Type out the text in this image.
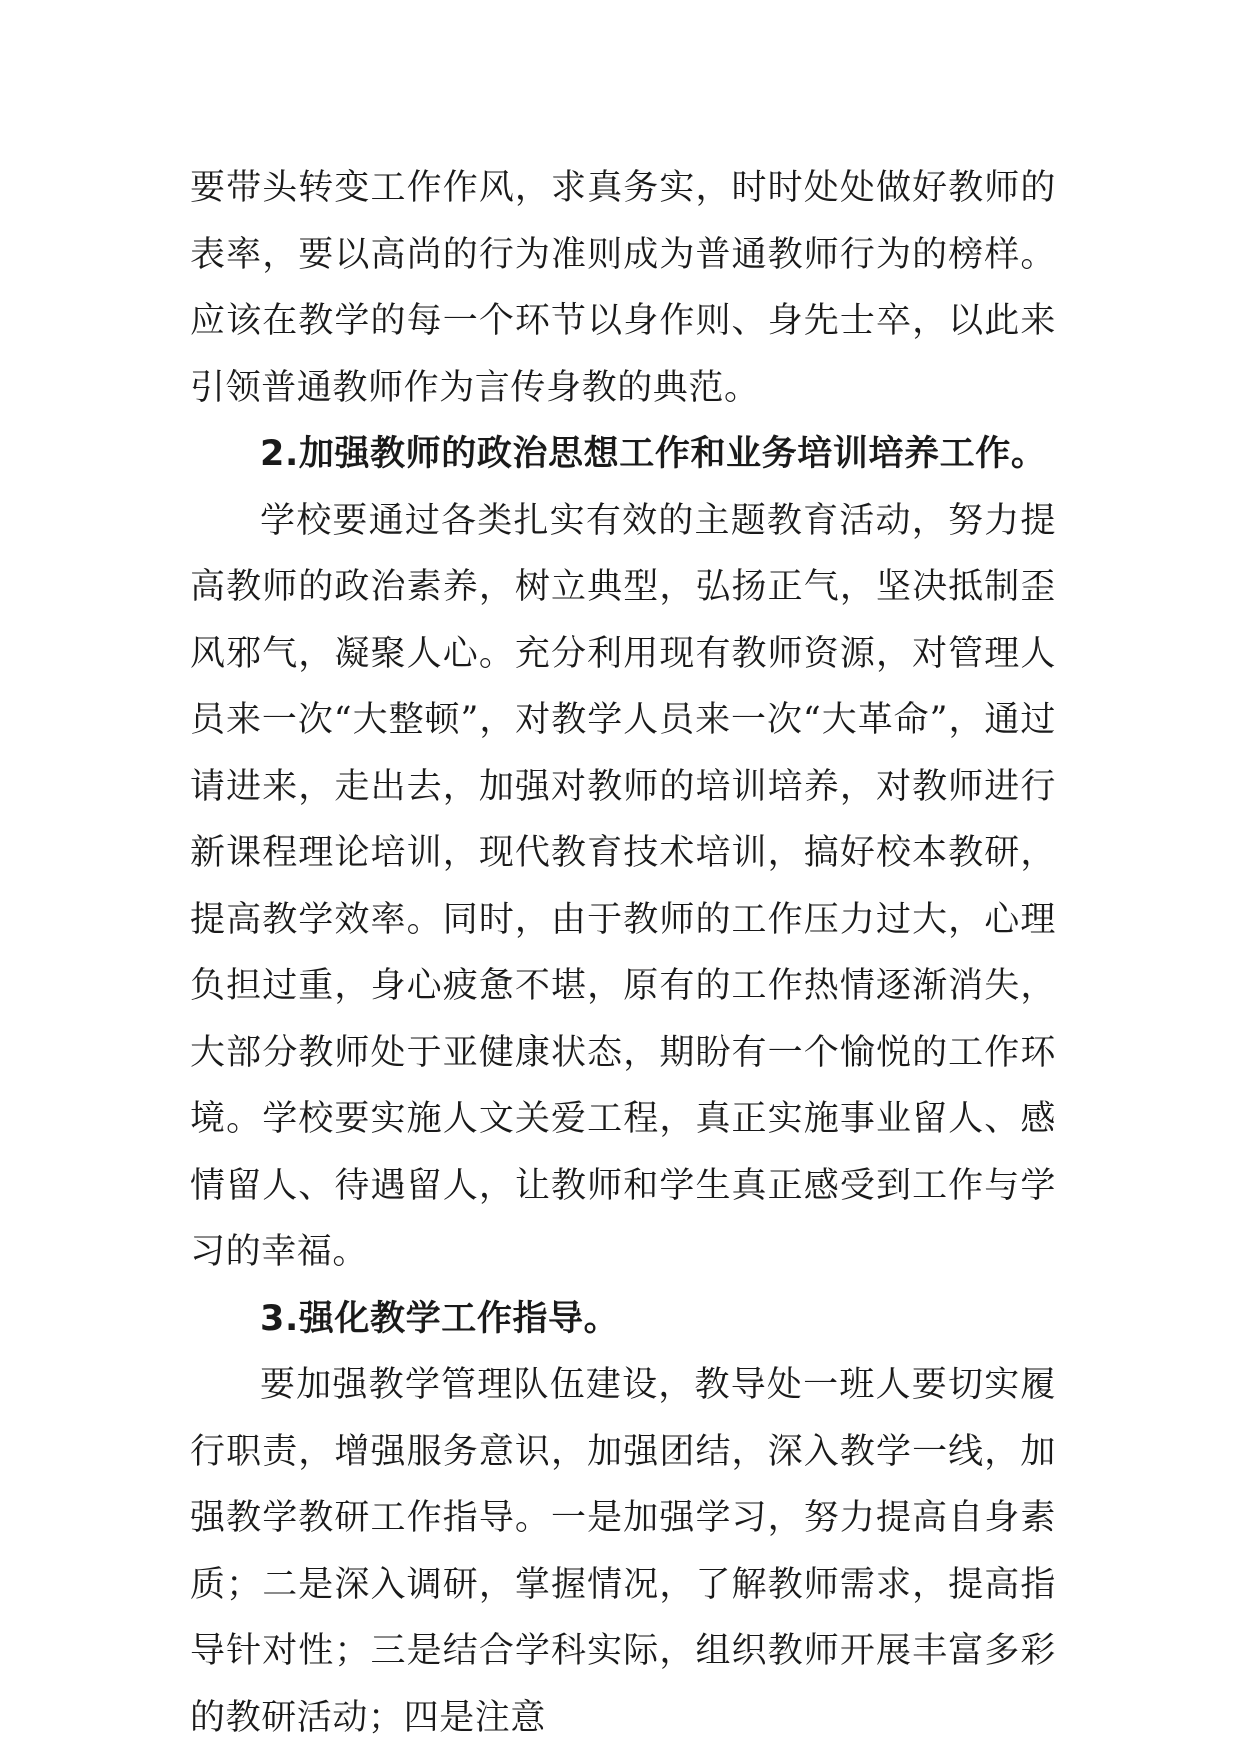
要带头转变工作作风，求真务实，时时处处做好教师的表率，要以高尚的行为准则成为普通教师行为的榜样。应该在教学的每一个环节以身作则、身先士卒，以此来引领普通教师作为言传身教的典范。

2.加强教师的政治思想工作和业务培训培养工作。

学校要通过各类扎实有效的主题教育活动，努力提高教师的政治素养，树立典型，弘扬正气，坚决抵制歪风邪气，凝聚人心。充分利用现有教师资源，对管理人员来一次“大整顿”，对教学人员来一次“大革命”，通过请进来，走出去，加强对教师的培训培养，对教师进行新课程理论培训，现代教育技术培训，搞好校本教研，提高教学效率。同时，由于教师的工作压力过大，心理负担过重，身心疲惫不堪，原有的工作热情逐渐消失，大部分教师处于亚健康状态，期盼有一个愉悦的工作环境。学校要实施人文关爱工程，真正实施事业留人、感情留人、待遇留人，让教师和学生真正感受到工作与学习的幸福。

3.强化教学工作指导。

要加强教学管理队伍建设，教导处一班人要切实履行职责，增强服务意识，加强团结，深入教学一线，加强教学教研工作指导。一是加强学习，努力提高自身素质；二是深入调研，掌握情况，了解教师需求，提高指导针对性；三是结合学科实际，组织教师开展丰富多彩的教研活动；四是注意
